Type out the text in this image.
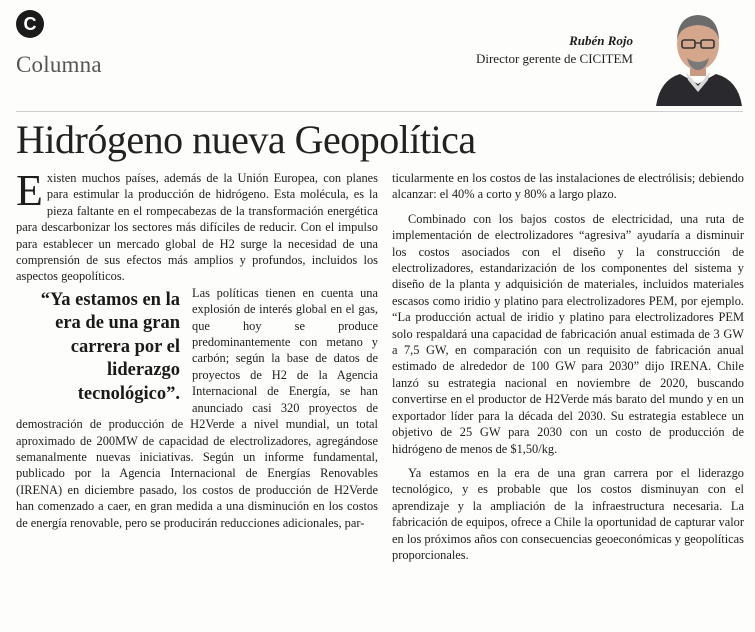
C
Columna
Rubén Rojo
Director gerente de CICITEM
Hidrógeno nueva Geopolítica

Existen muchos países, además de la Unión Europea, con planes para estimular la producción de hidrógeno. Esta molécula, es la pieza faltante en el rompecabezas de la transformación energética para descarbonizar los sectores más difíciles de reducir. Con el impulso para establecer un mercado global de H2 surge la necesidad de una comprensión de sus efectos más amplios y profundos, incluidos los aspectos geopolíticos.

“Ya estamos en la era de una gran carrera por el liderazgo tecnológico”.

Las políticas tienen en cuenta una explosión de interés global en el gas, que hoy se produce predominantemente con metano y carbón; según la base de datos de proyectos de H2 de la Agencia Internacional de Energía, se han anunciado casi 320 proyectos de demostración de producción de H2Verde a nivel mundial, un total aproximado de 200MW de capacidad de electrolizadores, agregándose semanalmente nuevas iniciativas. Según un informe fundamental, publicado por la Agencia Internacional de Energías Renovables (IRENA) en diciembre pasado, los costos de producción de H2Verde han comenzado a caer, en gran medida a una disminución en los costos de energía renovable, pero se producirán reducciones adicionales, par-

ticularmente en los costos de las instalaciones de electrólisis; debiendo alcanzar: el 40% a corto y 80% a largo plazo.

Combinado con los bajos costos de electricidad, una ruta de implementación de electrolizadores “agresiva” ayudaría a disminuir los costos asociados con el diseño y la construcción de electrolizadores, estandarización de los componentes del sistema y diseño de la planta y adquisición de materiales, incluidos materiales escasos como iridio y platino para electrolizadores PEM, por ejemplo. “La producción actual de iridio y platino para electrolizadores PEM solo respaldará una capacidad de fabricación anual estimada de 3 GW a 7,5 GW, en comparación con un requisito de fabricación anual estimado de alrededor de 100 GW para 2030” dijo IRENA. Chile lanzó su estrategia nacional en noviembre de 2020, buscando convertirse en el productor de H2Verde más barato del mundo y en un exportador líder para la década del 2030. Su estrategia establece un objetivo de 25 GW para 2030 con un costo de producción de hidrógeno de menos de $1,50/kg.

Ya estamos en la era de una gran carrera por el liderazgo tecnológico, y es probable que los costos disminuyan con el aprendizaje y la ampliación de la infraestructura necesaria. La fabricación de equipos, ofrece a Chile la oportunidad de capturar valor en los próximos años con consecuencias geoeconómicas y geopolíticas proporcionales.
